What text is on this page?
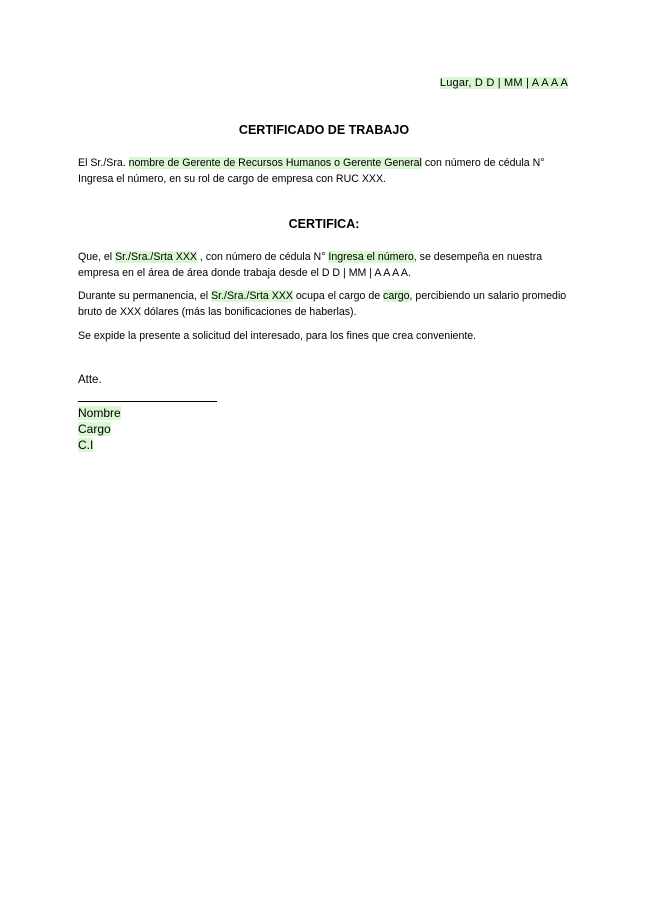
Lugar, D D | MM | A A A A
CERTIFICADO DE TRABAJO
El Sr./Sra. nombre de Gerente de Recursos Humanos o Gerente General con número de cédula N° Ingresa el número, en su rol de cargo de empresa con RUC XXX.
CERTIFICA:
Que, el Sr./Sra./Srta XXX , con número de cédula N° Ingresa el número, se desempeña en nuestra empresa en el área de área donde trabaja desde el D D | MM | A A A A.
Durante su permanencia, el Sr./Sra./Srta XXX ocupa el cargo de cargo, percibiendo un salario promedio bruto de XXX dólares (más las bonificaciones de haberlas).
Se expide la presente a solicitud del interesado, para los fines que crea conveniente.
Atte.
Nombre
Cargo
C.I
